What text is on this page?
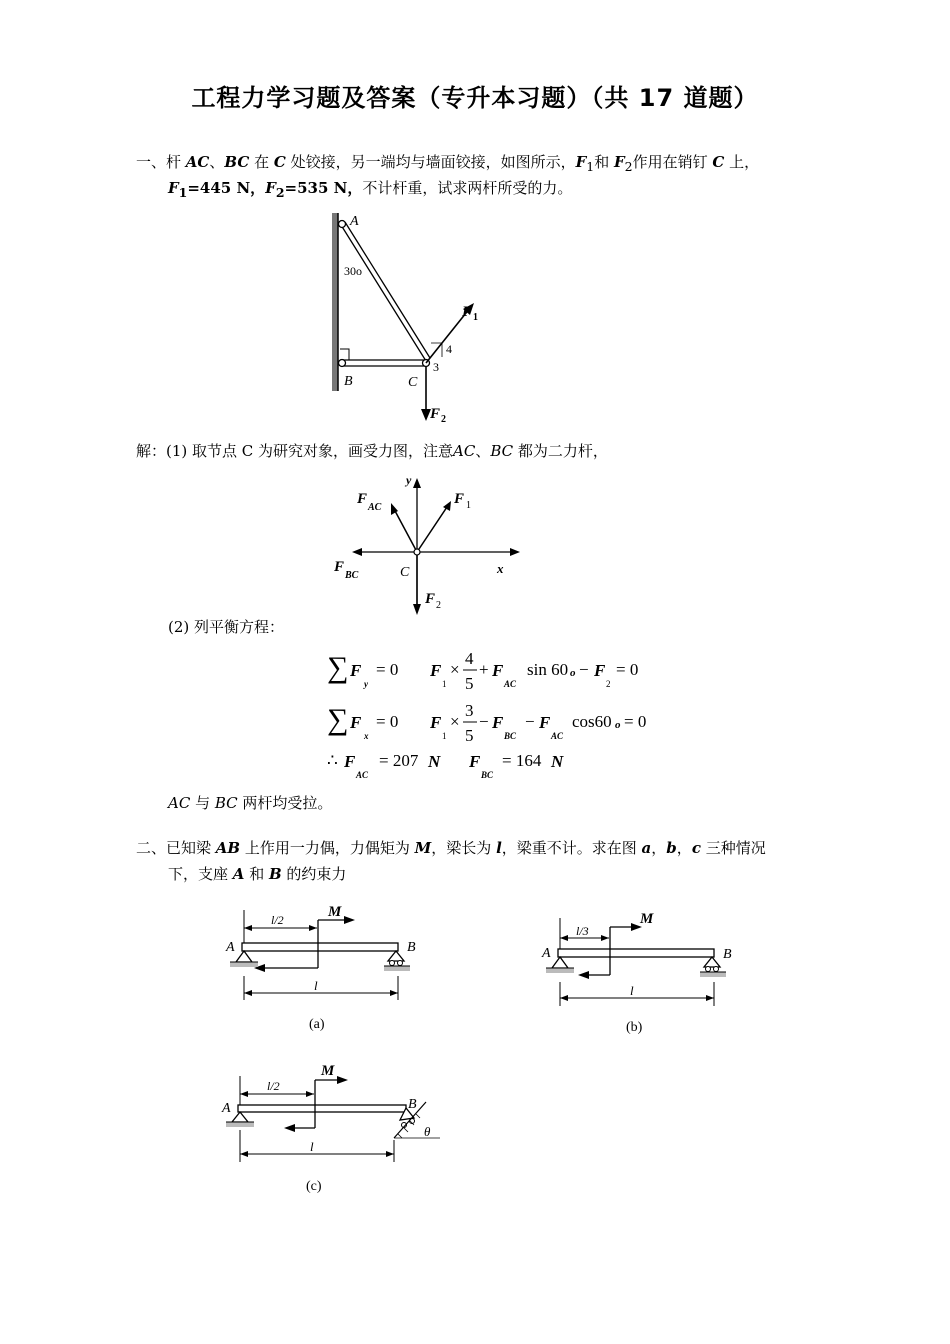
工程力学习题及答案（专升本习题）（共 17 道题）
一、杆 AC、BC 在 C 处铰接，另一端均与墙面铰接，如图所示，$F_1$和 $F_2$作用在销钉 C 上，
$F_1=445$ N，$F_2=535$ N，不计杆重，试求两杆所受的力。
A
30o
B	C
4
3
F 1
F 2
解：(1) 取节点 C 为研究对象，画受力图，注意AC、BC 都为二力杆，
y
x
C
F
AC
F 1
F
BC
F 2
(2) 列平衡方程：
∑ F
y
= 0 F
1
×
4
5
+ F
AC
sin 60 o − F
2
= 0
∑ F
x
= 0 F
1
×
3
5
− F
BC
− F
AC
cos60 o = 0
∴ F
AC
= 207 N F
BC
= 164 N
AC 与 BC 两杆均受拉。
二、已知梁 AB 上作用一力偶，力偶矩为 M，梁长为 l，梁重不计。求在图 a，b，c 三种情况
下，支座 A 和 B 的约束力
l/2	M
A	B
l
(a)
l/3
M
A	B
l
(b)
l/2
M
A	B
θ
l
(c)
